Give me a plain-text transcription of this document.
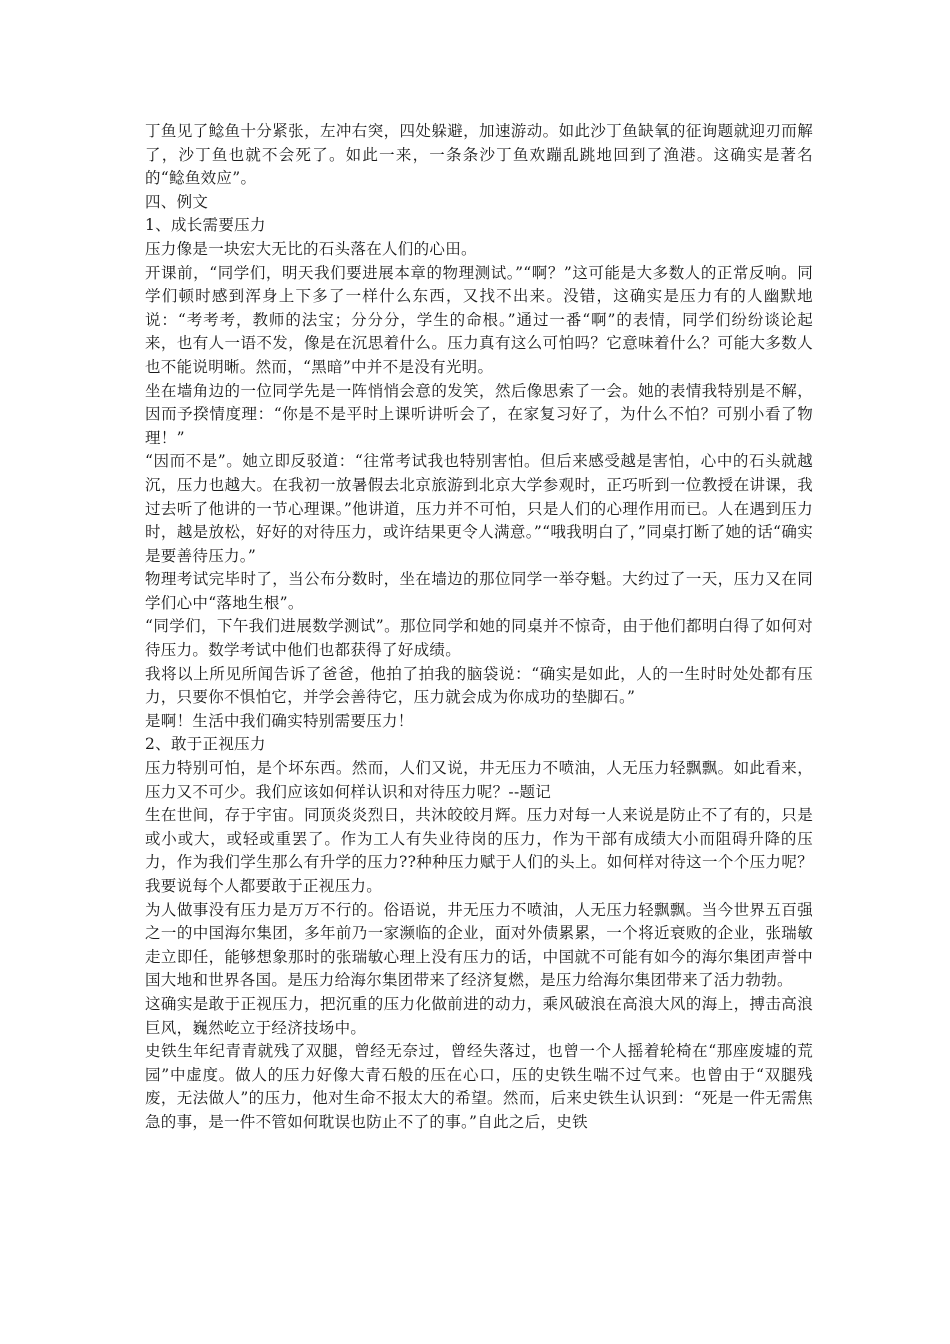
丁鱼见了鲶鱼十分紧张，左冲右突，四处躲避，加速游动。如此沙丁鱼缺氧的征询题就迎刃而解了，沙丁鱼也就不会死了。如此一来，一条条沙丁鱼欢蹦乱跳地回到了渔港。这确实是著名的“鲶鱼效应”。

四、例文

1、成长需要压力

压力像是一块宏大无比的石头落在人们的心田。

开课前，“同学们，明天我们要进展本章的物理测试。”“啊？”这可能是大多数人的正常反响。同学们顿时感到浑身上下多了一样什么东西，又找不出来。没错，这确实是压力有的人幽默地说：“考考考，教师的法宝；分分分，学生的命根。”通过一番“啊”的表情，同学们纷纷谈论起来，也有人一语不发，像是在沉思着什么。压力真有这么可怕吗？它意味着什么？可能大多数人也不能说明晰。然而，“黑暗”中并不是没有光明。

坐在墙角边的一位同学先是一阵悄悄会意的发笑，然后像思索了一会。她的表情我特别是不解，因而予揆情度理：“你是不是平时上课听讲听会了，在家复习好了，为什么不怕？可别小看了物理！”

“因而不是”。她立即反驳道：“往常考试我也特别害怕。但后来感受越是害怕，心中的石头就越沉，压力也越大。在我初一放暑假去北京旅游到北京大学参观时，正巧听到一位教授在讲课，我过去听了他讲的一节心理课。”他讲道，压力并不可怕，只是人们的心理作用而已。人在遇到压力时，越是放松，好好的对待压力，或许结果更令人满意。”“哦我明白了，”同桌打断了她的话“确实是要善待压力。”

物理考试完毕时了，当公布分数时，坐在墙边的那位同学一举夺魁。大约过了一天，压力又在同学们心中“落地生根”。

“同学们，下午我们进展数学测试”。那位同学和她的同桌并不惊奇，由于他们都明白得了如何对待压力。数学考试中他们也都获得了好成绩。

我将以上所见所闻告诉了爸爸，他拍了拍我的脑袋说：“确实是如此，人的一生时时处处都有压力，只要你不惧怕它，并学会善待它，压力就会成为你成功的垫脚石。”

是啊！生活中我们确实特别需要压力！

2、敢于正视压力

压力特别可怕，是个坏东西。然而，人们又说，井无压力不喷油，人无压力轻飘飘。如此看来，压力又不可少。我们应该如何样认识和对待压力呢？--题记

生在世间，存于宇宙。同顶炎炎烈日，共沐皎皎月辉。压力对每一人来说是防止不了有的，只是或小或大，或轻或重罢了。作为工人有失业待岗的压力，作为干部有成绩大小而阻碍升降的压力，作为我们学生那么有升学的压力??种种压力赋于人们的头上。如何样对待这一个个压力呢？我要说每个人都要敢于正视压力。

为人做事没有压力是万万不行的。俗语说，井无压力不喷油，人无压力轻飘飘。当今世界五百强之一的中国海尔集团，多年前乃一家濒临的企业，面对外债累累，一个将近衰败的企业，张瑞敏走立即任，能够想象那时的张瑞敏心理上没有压力的话，中国就不可能有如今的海尔集团声誉中国大地和世界各国。是压力给海尔集团带来了经济复燃，是压力给海尔集团带来了活力勃勃。

这确实是敢于正视压力，把沉重的压力化做前进的动力，乘风破浪在高浪大风的海上，搏击高浪巨风，巍然屹立于经济技场中。

史铁生年纪青青就残了双腿，曾经无奈过，曾经失落过，也曾一个人摇着轮椅在“那座废墟的荒园”中虚度。做人的压力好像大青石般的压在心口，压的史铁生喘不过气来。也曾由于“双腿残废，无法做人”的压力，他对生命不报太大的希望。然而，后来史铁生认识到：“死是一件无需焦急的事，是一件不管如何耽误也防止不了的事。”自此之后，史铁
